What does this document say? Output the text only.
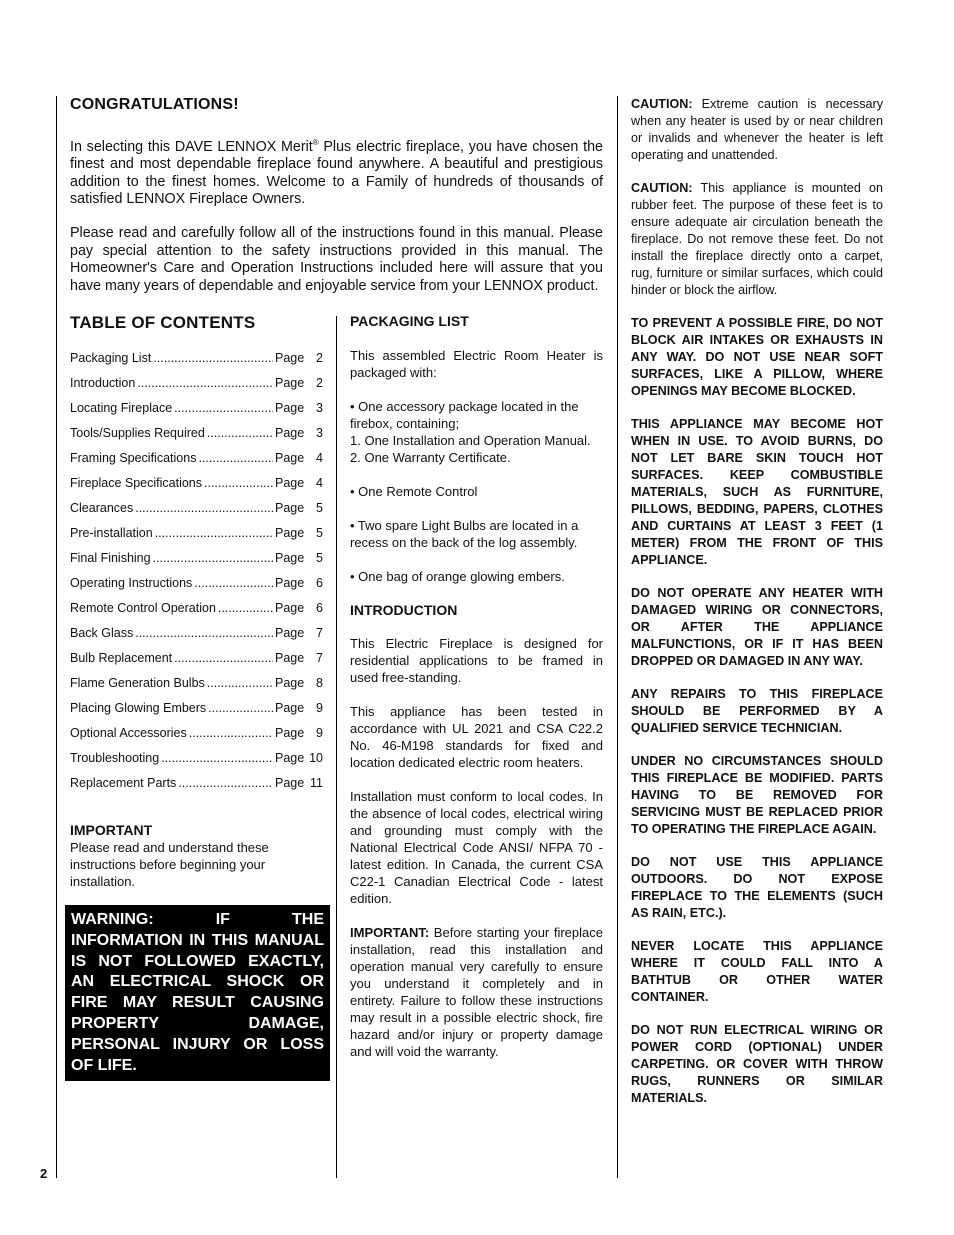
CONGRATULATIONS!

In selecting this DAVE LENNOX Merit® Plus electric fireplace, you have chosen the finest and most dependable fireplace found anywhere. A beautiful and prestigious addition to the finest homes. Welcome to a Family of hundreds of thousands of satisfied LENNOX Fireplace Owners.

Please read and carefully follow all of the instructions found in this manual. Please pay special attention to the safety instructions provided in this manual. The Homeowner's Care and Operation Instructions included here will assure that you have many years of dependable and enjoyable service from your LENNOX product.

TABLE OF CONTENTS
Packaging List .....	Page 2
Introduction .....	Page 2
Locating Fireplace .....	Page 3
Tools/Supplies Required .....	Page 3
Framing Specifications .....	Page 4
Fireplace Specifications .....	Page 4
Clearances .....	Page 5
Pre-installation .....	Page 5
Final Finishing .....	Page 5
Operating Instructions .....	Page 6
Remote Control Operation .....	Page 6
Back Glass .....	Page 7
Bulb Replacement .....	Page 7
Flame Generation Bulbs .....	Page 8
Placing Glowing Embers .....	Page 9
Optional Accessories .....	Page 9
Troubleshooting .....	Page 10
Replacement Parts .....	Page 11
IMPORTANT

Please read and understand these instructions before beginning your installation.

WARNING: IF THE INFORMATION IN THIS MANUAL IS NOT FOLLOWED EXACTLY, AN ELECTRICAL SHOCK OR FIRE MAY RESULT CAUSING PROPERTY DAMAGE, PERSONAL INJURY OR LOSS OF LIFE.
PACKAGING LIST

This assembled Electric Room Heater is packaged with:

• One accessory package located in the firebox, containing;

1. One Installation and Operation Manual.

2. One Warranty Certificate.

• One Remote Control

• Two spare Light Bulbs are located in a recess on the back of the log assembly.

• One bag of orange glowing embers.

INTRODUCTION

This Electric Fireplace is designed for residential applications to be framed in used free-standing.

This appliance has been tested in accordance with UL 2021 and CSA C22.2 No. 46-M198 standards for fixed and location dedicated electric room heaters.

Installation must conform to local codes. In the absence of local codes, electrical wiring and grounding must comply with the National Electrical Code ANSI/ NFPA 70 - latest edition. In Canada, the current CSA C22-1 Canadian Electrical Code - latest edition.

IMPORTANT: Before starting your fireplace installation, read this installation and operation manual very carefully to ensure you understand it completely and in entirety. Failure to follow these instructions may result in a possible electric shock, fire hazard and/or injury or property damage and will void the warranty.

CAUTION: Extreme caution is necessary when any heater is used by or near children or invalids and whenever the heater is left operating and unattended.

CAUTION: This appliance is mounted on rubber feet. The purpose of these feet is to ensure adequate air circulation beneath the fireplace. Do not remove these feet. Do not install the fireplace directly onto a carpet, rug, furniture or similar surfaces, which could hinder or block the airflow.

TO PREVENT A POSSIBLE FIRE, DO NOT BLOCK AIR INTAKES OR EXHAUSTS IN ANY WAY. DO NOT USE NEAR SOFT SURFACES, LIKE A PILLOW, WHERE OPENINGS MAY BECOME BLOCKED.

THIS APPLIANCE MAY BECOME HOT WHEN IN USE. TO AVOID BURNS, DO NOT LET BARE SKIN TOUCH HOT SURFACES. KEEP COMBUSTIBLE MATERIALS, SUCH AS FURNITURE, PILLOWS, BEDDING, PAPERS, CLOTHES AND CURTAINS AT LEAST 3 FEET (1 METER) FROM THE FRONT OF THIS APPLIANCE.

DO NOT OPERATE ANY HEATER WITH DAMAGED WIRING OR CONNECTORS, OR AFTER THE APPLIANCE MALFUNCTIONS, OR IF IT HAS BEEN DROPPED OR DAMAGED IN ANY WAY.

ANY REPAIRS TO THIS FIREPLACE SHOULD BE PERFORMED BY A QUALIFIED SERVICE TECHNICIAN.

UNDER NO CIRCUMSTANCES SHOULD THIS FIREPLACE BE MODIFIED. PARTS HAVING TO BE REMOVED FOR SERVICING MUST BE REPLACED PRIOR TO OPERATING THE FIREPLACE AGAIN.

DO NOT USE THIS APPLIANCE OUTDOORS. DO NOT EXPOSE FIREPLACE TO THE ELEMENTS (SUCH AS RAIN, ETC.).

NEVER LOCATE THIS APPLIANCE WHERE IT COULD FALL INTO A BATHTUB OR OTHER WATER CONTAINER.

DO NOT RUN ELECTRICAL WIRING OR POWER CORD (OPTIONAL) UNDER CARPETING. OR COVER WITH THROW RUGS, RUNNERS OR SIMILAR MATERIALS.

2
